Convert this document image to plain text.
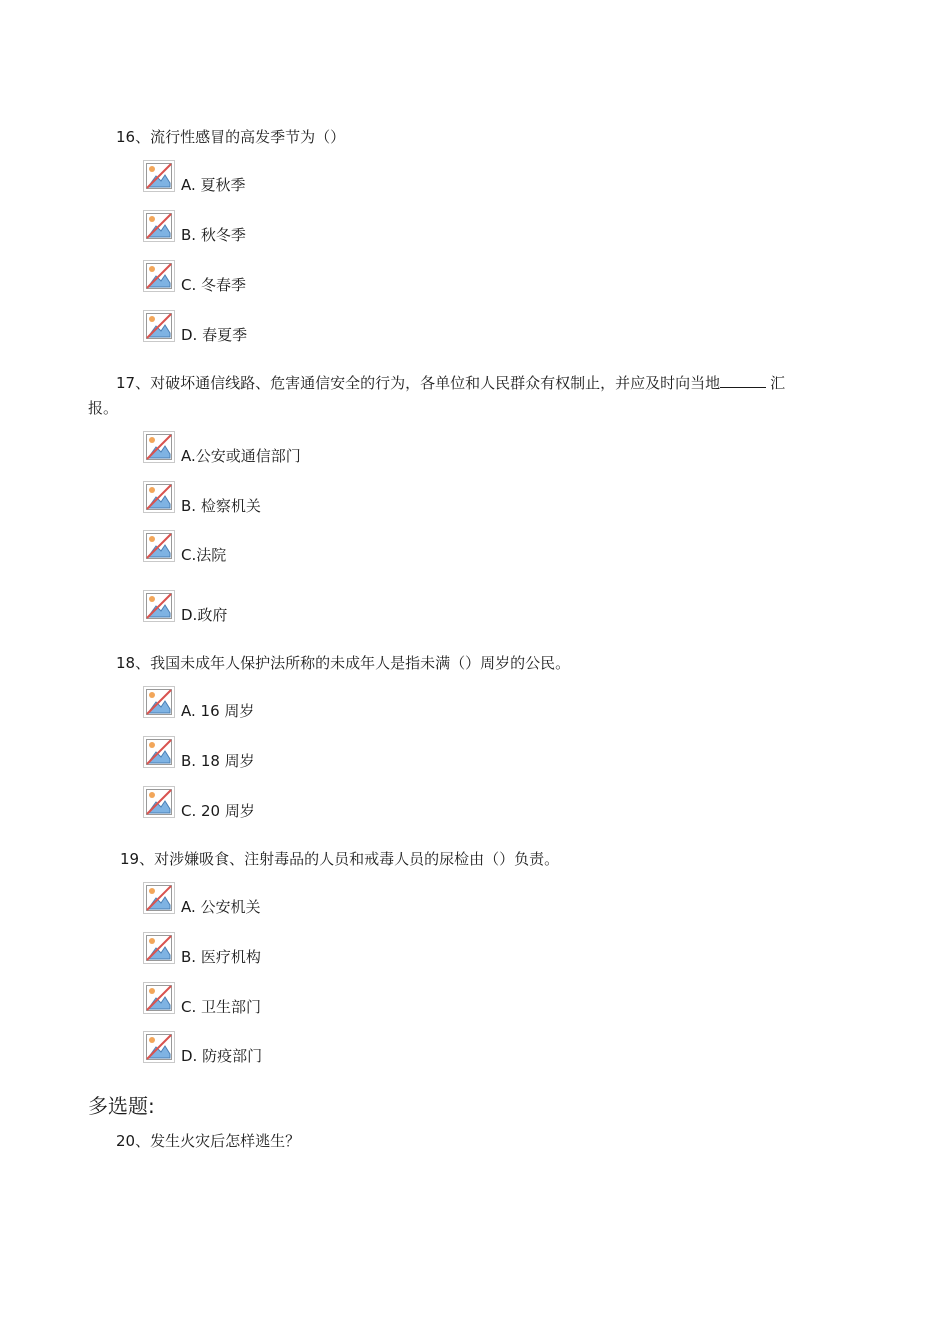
16、流行性感冒的高发季节为（）
A. 夏秋季
B. 秋冬季
C. 冬春季
D. 春夏季
17、对破坏通信线路、危害通信安全的行为，各单位和人民群众有权制止，并应及时向当地	汇
报。
A.公安或通信部门
B. 检察机关
C.法院
D.政府
18、我国未成年人保护法所称的未成年人是指未满（）周岁的公民。
A. 16 周岁
B. 18 周岁
C. 20 周岁
19、对涉嫌吸食、注射毒品的人员和戒毒人员的尿检由（）负责。
A. 公安机关
B. 医疗机构
C. 卫生部门
D. 防疫部门
多选题:
20、发生火灾后怎样逃生？
